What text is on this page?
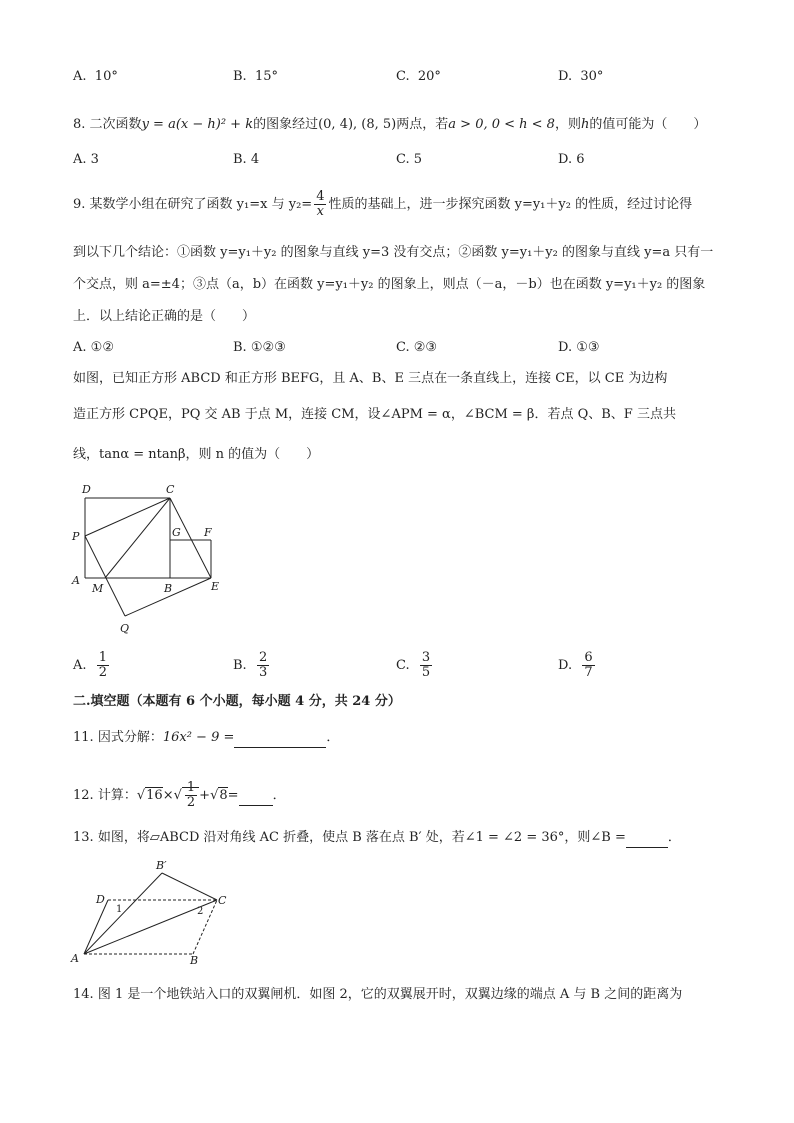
A. 10°	B. 15°	C. 20°	D. 30°
8. 二次函数y = a(x − h)² + k的图象经过(0, 4), (8, 5)两点，若a > 0, 0 < h < 8，则h的值可能为（　　）
A. 3	B. 4	C. 5	D. 6
9. 某数学小组在研究了函数 y₁=x 与 $y_2= \frac{4}{x}$ 性质的基础上，进一步探究函数 y=y₁＋y₂ 的性质，经过讨论得
到以下几个结论：①函数 y=y₁＋y₂ 的图象与直线 y=3 没有交点；②函数 y=y₁＋y₂ 的图象与直线 y=a 只有一
个交点，则 a=±4；③点（a，b）在函数 y=y₁＋y₂ 的图象上，则点（－a，－b）也在函数 y=y₁＋y₂ 的图象
上．以上结论正确的是（　　）
A. ①②	B. ①②③	C. ②③	D. ①③
如图，已知正方形 ABCD 和正方形 BEFG，且 A、B、E 三点在一条直线上，连接 CE，以 CE 为边构
造正方形 CPQE，PQ 交 AB 于点 M，连接 CM，设∠APM = α，∠BCM = β．若点 Q、B、F 三点共
线，tanα = ntanβ，则 n 的值为（　　）
D	C
G F
P
A
M	B	E
Q
A. $\frac{1}{2}$	B. $\frac{2}{3}$	C. $\frac{3}{5}$	D. $\frac{6}{7}$
二.填空题（本题有 6 个小题，每小题 4 分，共 24 分）
11. 因式分解：16x² − 9 =	．
12. 计算：$√16\times√ \frac{1}{2} +√8=$	．
13. 如图，将▱ABCD 沿对角线 AC 折叠，使点 B 落在点 B′ 处，若∠1 = ∠2 = 36°，则∠B =	．
B′
D	C
A	B
1	2
14. 图 1 是一个地铁站入口的双翼闸机．如图 2，它的双翼展开时，双翼边缘的端点 A 与 B 之间的距离为
